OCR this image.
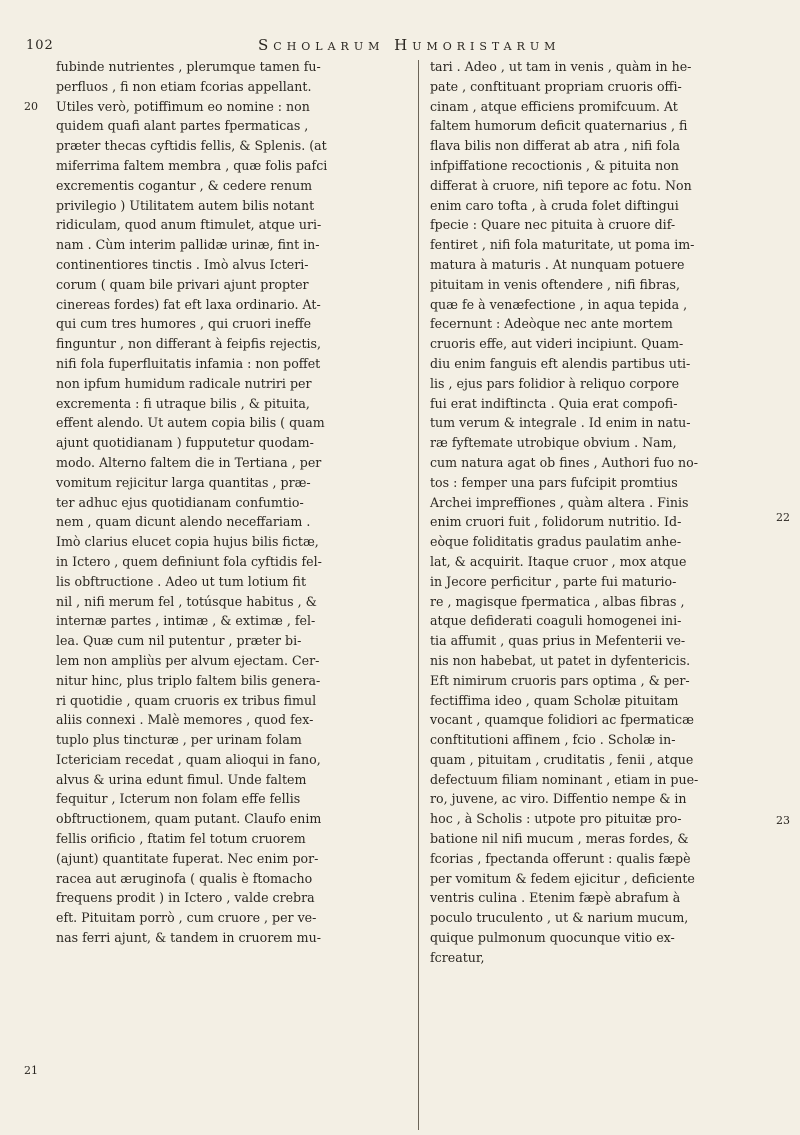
102	Scholarum Humoristarum
20
21
22
23
fubinde nutrientes , plerumque tamen fu-
perfluos , fi non etiam fcorias appellant.
Utiles verò, potiffimum eo nomine : non
quidem quafi alant partes fpermaticas ,
præter thecas cyftidis fellis, & Splenis. (at
miferrima faltem membra , quæ folis pafci
excrementis cogantur , & cedere renum
privilegio ) Utilitatem autem bilis notant
ridiculam, quod anum ftimulet, atque uri-
nam . Cùm interim pallidæ urinæ, fint in-
continentiores tinctis . Imò alvus Icteri-
corum ( quam bile privari ajunt propter
cinereas fordes) fat eft laxa ordinario. At-
qui cum tres humores , qui cruori ineffe
finguntur , non differant à feipfis rejectis,
nifi fola fuperfluitatis infamia : non poffet
non ipfum humidum radicale nutriri per
excrementa : fi utraque bilis , & pituita,
effent alendo. Ut autem copia bilis ( quam
ajunt quotidianam ) fupputetur quodam-
modo. Alterno faltem die in Tertiana , per
vomitum rejicitur larga quantitas , præ-
ter adhuc ejus quotidianam confumtio-
nem , quam dicunt alendo neceffariam .
Imò clarius elucet copia hujus bilis fictæ,
in Ictero , quem definiunt fola cyftidis fel-
lis obftructione . Adeo ut tum lotium fit
nil , nifi merum fel , totúsque habitus , &
internæ partes , intimæ , & extimæ , fel-
lea. Quæ cum nil putentur , præter bi-
lem non ampliùs per alvum ejectam. Cer-
nitur hinc, plus triplo faltem bilis genera-
ri quotidie , quam cruoris ex tribus fimul
aliis connexi . Malè memores , quod fex-
tuplo plus tincturæ , per urinam folam
Ictericiam recedat , quam alioqui in fano,
alvus & urina edunt fimul. Unde faltem
fequitur , Icterum non folam effe fellis
obftructionem, quam putant. Claufo enim
fellis orificio , ftatim fel totum cruorem
(ajunt) quantitate fuperat. Nec enim por-
racea aut æruginofa ( qualis è ftomacho
frequens prodit ) in Ictero , valde crebra
eft. Pituitam porrò , cum cruore , per ve-
nas ferri ajunt, & tandem in cruorem mu-
tari . Adeo , ut tam in venis , quàm in he-
pate , conftituant propriam cruoris offi-
cinam , atque efficiens promifcuum. At
faltem humorum deficit quaternarius , fi
flava bilis non differat ab atra , nifi fola
infpiffatione recoctionis , & pituita non
differat à cruore, nifi tepore ac fotu. Non
enim caro tofta , à cruda folet diftingui
fpecie : Quare nec pituita à cruore dif-
fentiret , nifi fola maturitate, ut poma im-
matura à maturis . At nunquam potuere
pituitam in venis oftendere , nifi fibras,
quæ fe à venæfectione , in aqua tepida ,
fecernunt : Adeòque nec ante mortem
cruoris effe, aut videri incipiunt. Quam-
diu enim fanguis eft alendis partibus uti-
lis , ejus pars folidior à reliquo corpore
fui erat indiftincta . Quia erat compofi-
tum verum & integrale . Id enim in natu-
ræ fyftemate utrobique obvium . Nam,
cum natura agat ob fines , Authori fuo no-
tos : femper una pars fufcipit promtius
Archei impreffiones , quàm altera . Finis
enim cruori fuit , folidorum nutritio. Id-
eòque foliditatis gradus paulatim anhe-
lat, & acquirit. Itaque cruor , mox atque
in Jecore perficitur , parte fui maturio-
re , magisque fpermatica , albas fibras ,
atque defiderati coaguli homogenei ini-
tia affumit , quas prius in Mefenterii ve-
nis non habebat, ut patet in dyfentericis.
Eft nimirum cruoris pars optima , & per-
fectiffima ideo , quam Scholæ pituitam
vocant , quamque folidiori ac fpermaticæ
conftitutioni affinem , fcio . Scholæ in-
quam , pituitam , cruditatis , fenii , atque
defectuum filiam nominant , etiam in pue-
ro, juvene, ac viro. Diffentio nempe & in
hoc , à Scholis : utpote pro pituitæ pro-
batione nil nifi mucum , meras fordes, &
fcorias , fpectanda offerunt : qualis fæpè
per vomitum & fedem ejicitur , deficiente
ventris culina . Etenim fæpè abrafum à
poculo truculento , ut & narium mucum,
quique pulmonum quocunque vitio ex-
fcreatur,
